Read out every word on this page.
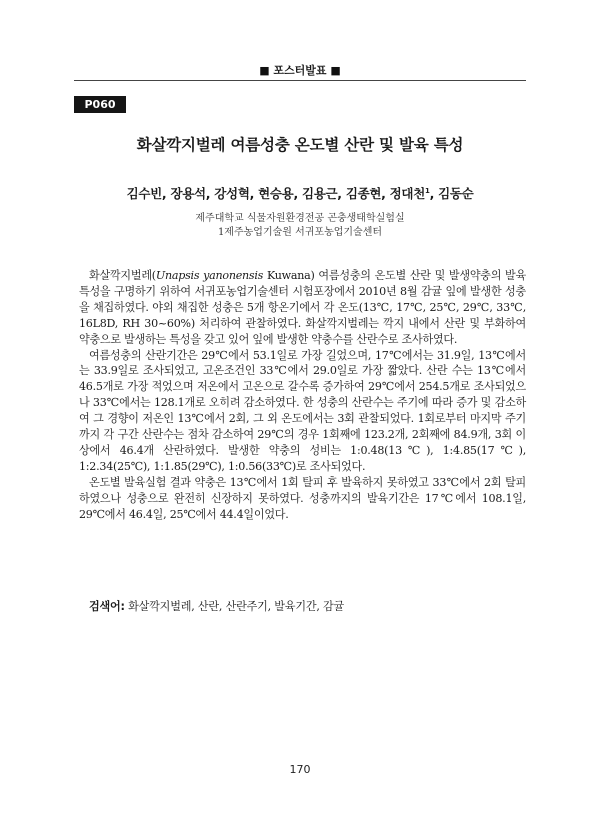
■ 포스터발표 ■
P060
화살깍지벌레 여름성충 온도별 산란 및 발육 특성
김수빈, 장용석, 강성혁, 현승용, 김용근, 김종현, 정대천$^1$, 김동순
제주대학교 식물자원환경전공 곤충생태학실험실
1제주농업기술원 서귀포농업기술센터

화살깍지벌레(Unapsis yanonensis Kuwana) 여름성충의 온도별 산란 및 발생약충의 발육 특성을 구명하기 위하여 서귀포농업기술센터 시험포장에서 2010년 8월 감귤 잎에 발생한 성충을 채집하였다. 야외 채집한 성충은 5개 항온기에서 각 온도(13℃, 17℃, 25℃, 29℃, 33℃, 16L8D, RH 30~60%) 처리하여 관찰하였다. 화살깍지벌레는 깍지 내에서 산란 및 부화하여 약충으로 발생하는 특성을 갖고 있어 잎에 발생한 약충수를 산란수로 조사하였다.

여름성충의 산란기간은 29℃에서 53.1일로 가장 길었으며, 17℃에서는 31.9일, 13℃에서는 33.9일로 조사되었고, 고온조건인 33℃에서 29.0일로 가장 짧았다. 산란 수는 13℃에서 46.5개로 가장 적었으며 저온에서 고온으로 갈수록 증가하여 29℃에서 254.5개로 조사되었으나 33℃에서는 128.1개로 오히려 감소하였다. 한 성충의 산란수는 주기에 따라 증가 및 감소하여 그 경향이 저온인 13℃에서 2회, 그 외 온도에서는 3회 관찰되었다. 1회로부터 마지막 주기까지 각 구간 산란수는 점차 감소하여 29℃의 경우 1회째에 123.2개, 2회째에 84.9개, 3회 이상에서 46.4개 산란하였다. 발생한 약충의 성비는 1:0.48(13℃), 1:4.85(17℃), 1:2.34(25℃), 1:1.85(29℃), 1:0.56(33℃)로 조사되었다.

온도별 발육실험 결과 약충은 13℃에서 1회 탈피 후 발육하지 못하였고 33℃에서 2회 탈피하였으나 성충으로 완전히 신장하지 못하였다. 성충까지의 발육기간은 17℃에서 108.1일, 29℃에서 46.4일, 25℃에서 44.4일이었다.

검색어: 화살깍지벌레, 산란, 산란주기, 발육기간, 감귤
170
